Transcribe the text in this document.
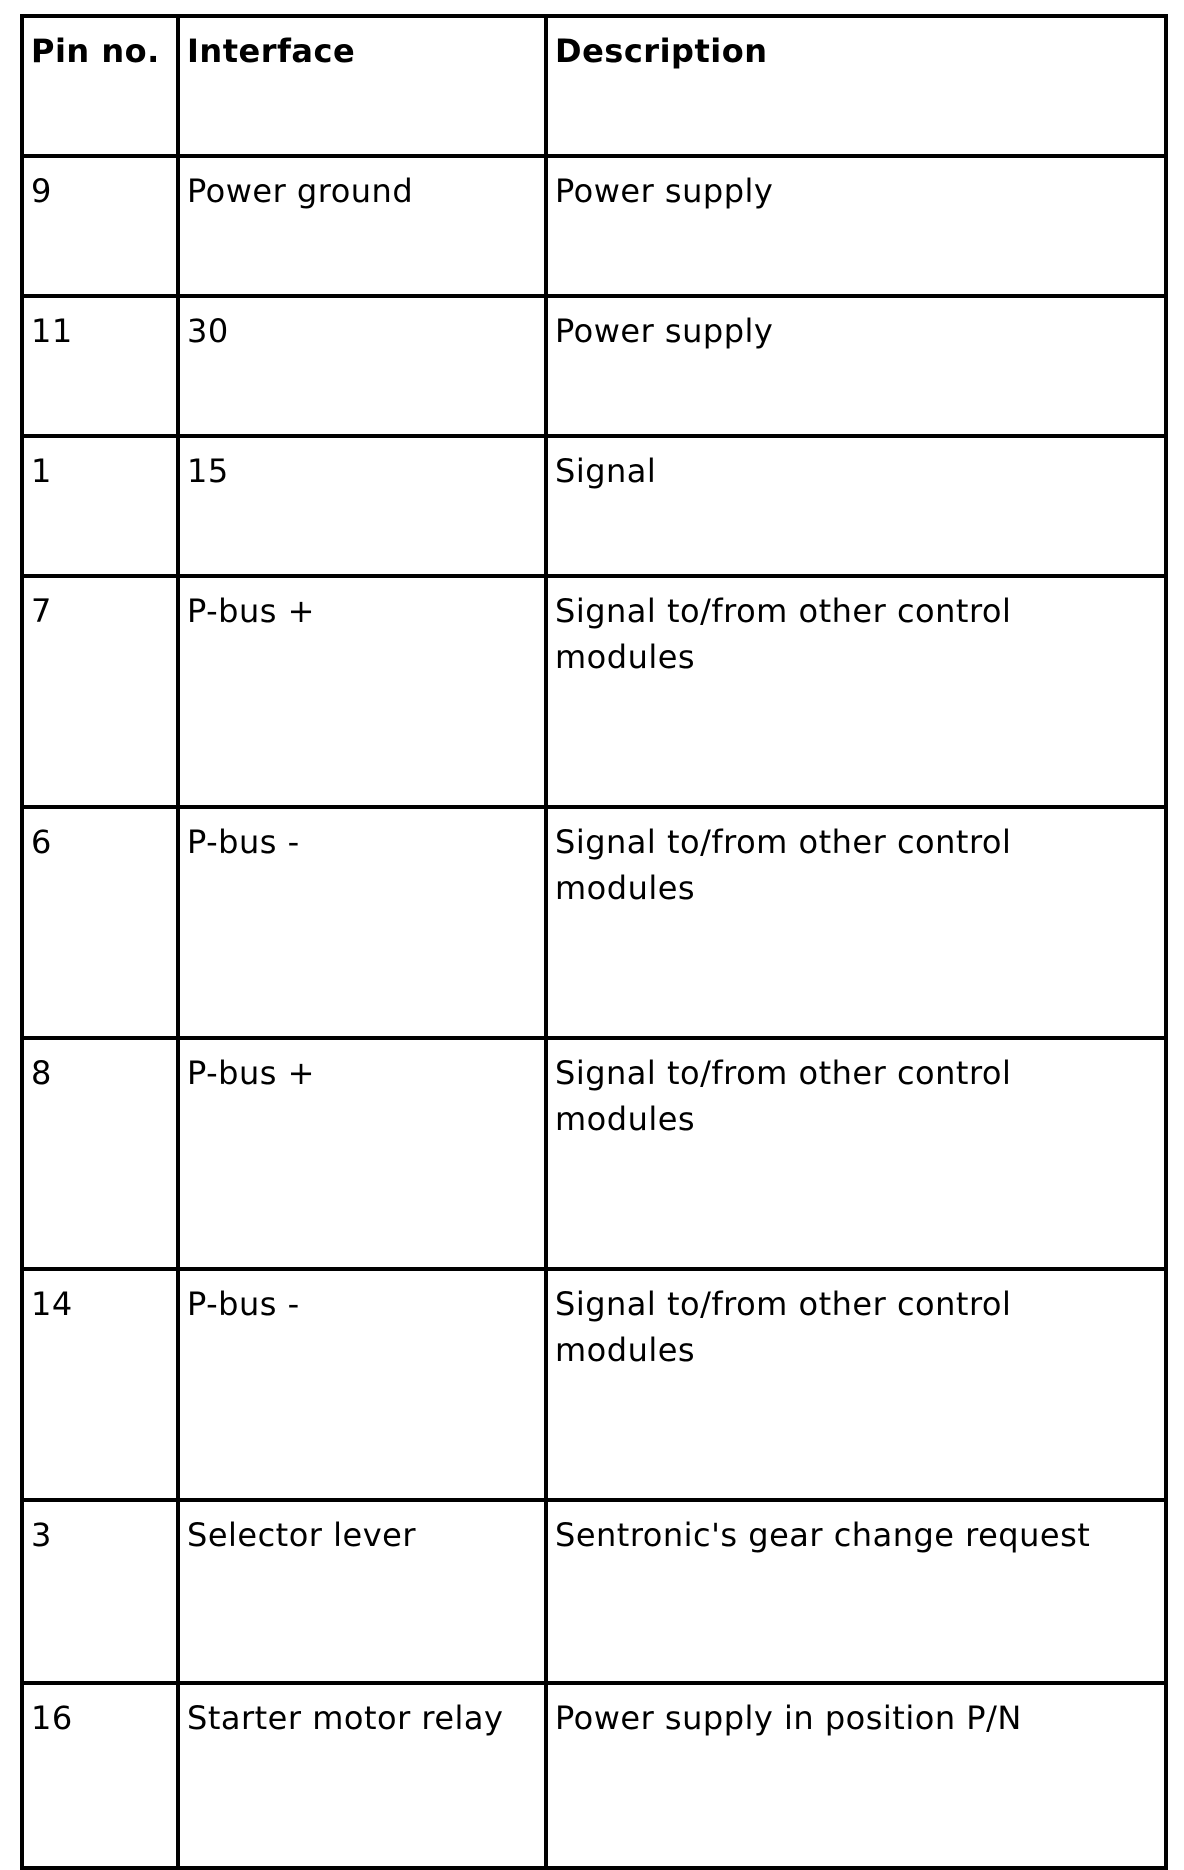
Pin no.	Interface	Description
9	Power ground	Power supply
11	30	Power supply
1	15	Signal
7	P-bus +	Signal to/from other control modules
6	P-bus -	Signal to/from other control modules
8	P-bus +	Signal to/from other control modules
14	P-bus -	Signal to/from other control modules
3	Selector lever	Sentronic's gear change request
16	Starter motor relay	Power supply in position P/N
